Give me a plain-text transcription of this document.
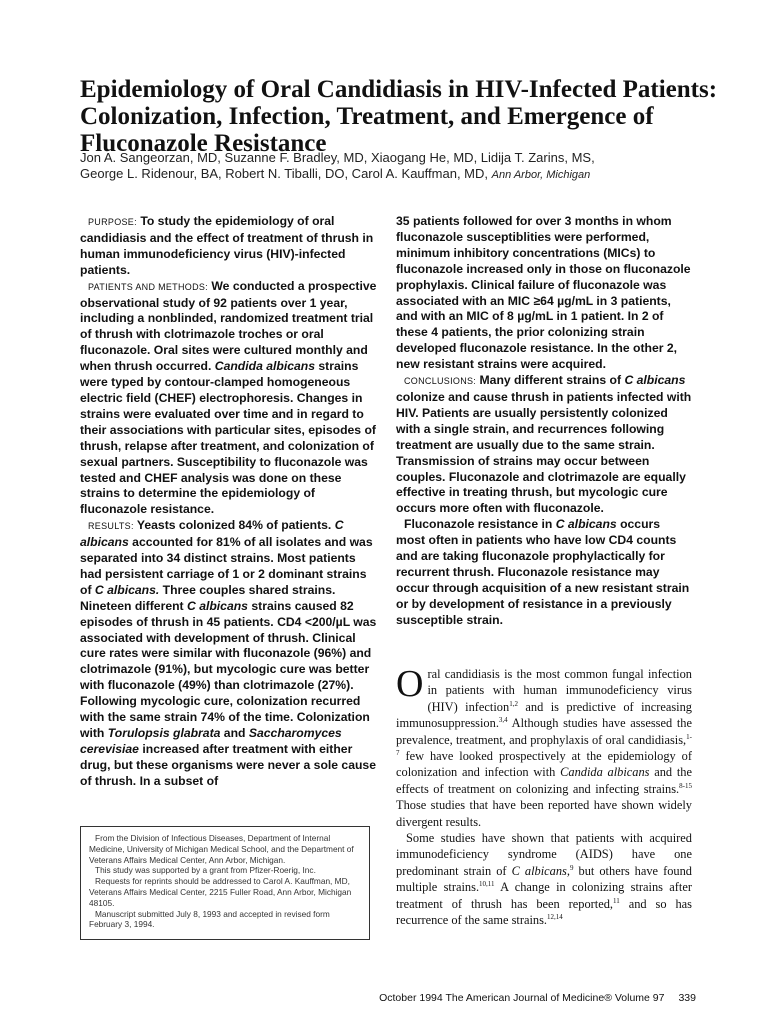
Epidemiology of Oral Candidiasis in HIV-Infected Patients: Colonization, Infection, Treatment, and Emergence of Fluconazole Resistance
Jon A. Sangeorzan, MD, Suzanne F. Bradley, MD, Xiaogang He, MD, Lidija T. Zarins, MS,
George L. Ridenour, BA, Robert N. Tiballi, DO, Carol A. Kauffman, MD, Ann Arbor, Michigan

PURPOSE: To study the epidemiology of oral candidiasis and the effect of treatment of thrush in human immunodeficiency virus (HIV)-infected patients.

PATIENTS AND METHODS: We conducted a prospective observational study of 92 patients over 1 year, including a nonblinded, randomized treatment trial of thrush with clotrimazole troches or oral fluconazole. Oral sites were cultured monthly and when thrush occurred. Candida albicans strains were typed by contour-clamped homogeneous electric field (CHEF) electrophoresis. Changes in strains were evaluated over time and in regard to their associations with particular sites, episodes of thrush, relapse after treatment, and colonization of sexual partners. Susceptibility to fluconazole was tested and CHEF analysis was done on these strains to determine the epidemiology of fluconazole resistance.

RESULTS: Yeasts colonized 84% of patients. C albicans accounted for 81% of all isolates and was separated into 34 distinct strains. Most patients had persistent carriage of 1 or 2 dominant strains of C albicans. Three couples shared strains. Nineteen different C albicans strains caused 82 episodes of thrush in 45 patients. CD4 <200/µL was associated with development of thrush. Clinical cure rates were similar with fluconazole (96%) and clotrimazole (91%), but mycologic cure was better with fluconazole (49%) than clotrimazole (27%). Following mycologic cure, colonization recurred with the same strain 74% of the time. Colonization with Torulopsis glabrata and Saccharomyces cerevisiae increased after treatment with either drug, but these organisms were never a sole cause of thrush. In a subset of

35 patients followed for over 3 months in whom fluconazole susceptiblities were performed, minimum inhibitory concentrations (MICs) to fluconazole increased only in those on fluconazole prophylaxis. Clinical failure of fluconazole was associated with an MIC ≥64 µg/mL in 3 patients, and with an MIC of 8 µg/mL in 1 patient. In 2 of these 4 patients, the prior colonizing strain developed fluconazole resistance. In the other 2, new resistant strains were acquired.

CONCLUSIONS: Many different strains of C albicans colonize and cause thrush in patients infected with HIV. Patients are usually persistently colonized with a single strain, and recurrences following treatment are usually due to the same strain. Transmission of strains may occur between couples. Fluconazole and clotrimazole are equally effective in treating thrush, but mycologic cure occurs more often with fluconazole.

Fluconazole resistance in C albicans occurs most often in patients who have low CD4 counts and are taking fluconazole prophylactically for recurrent thrush. Fluconazole resistance may occur through acquisition of a new resistant strain or by development of resistance in a previously susceptible strain.

Oral candidiasis is the most common fungal infection in patients with human immunodeficiency virus (HIV) infection$^{1,2}$ and is predictive of increasing immunosuppression.$^{3,4}$ Although studies have assessed the prevalence, treatment, and prophylaxis of oral candidiasis,$^{1-7}$ few have looked prospectively at the epidemiology of colonization and infection with Candida albicans and the effects of treatment on colonizing and infecting strains.$^{8-15}$ Those studies that have been reported have shown widely divergent results.

Some studies have shown that patients with acquired immunodeficiency syndrome (AIDS) have one predominant strain of C albicans,$^9$ but others have found multiple strains.$^{10,11}$ A change in colonizing strains after treatment of thrush has been reported,$^{11}$ and so has recurrence of the same strains.$^{12,14}$

From the Division of Infectious Diseases, Department of Internal Medicine, University of Michigan Medical School, and the Department of Veterans Affairs Medical Center, Ann Arbor, Michigan.

This study was supported by a grant from Pfizer-Roerig, Inc.

Requests for reprints should be addressed to Carol A. Kauffman, MD, Veterans Affairs Medical Center, 2215 Fuller Road, Ann Arbor, Michigan 48105.

Manuscript submitted July 8, 1993 and accepted in revised form February 3, 1994.

October 1994 The American Journal of Medicine® Volume 97 339
